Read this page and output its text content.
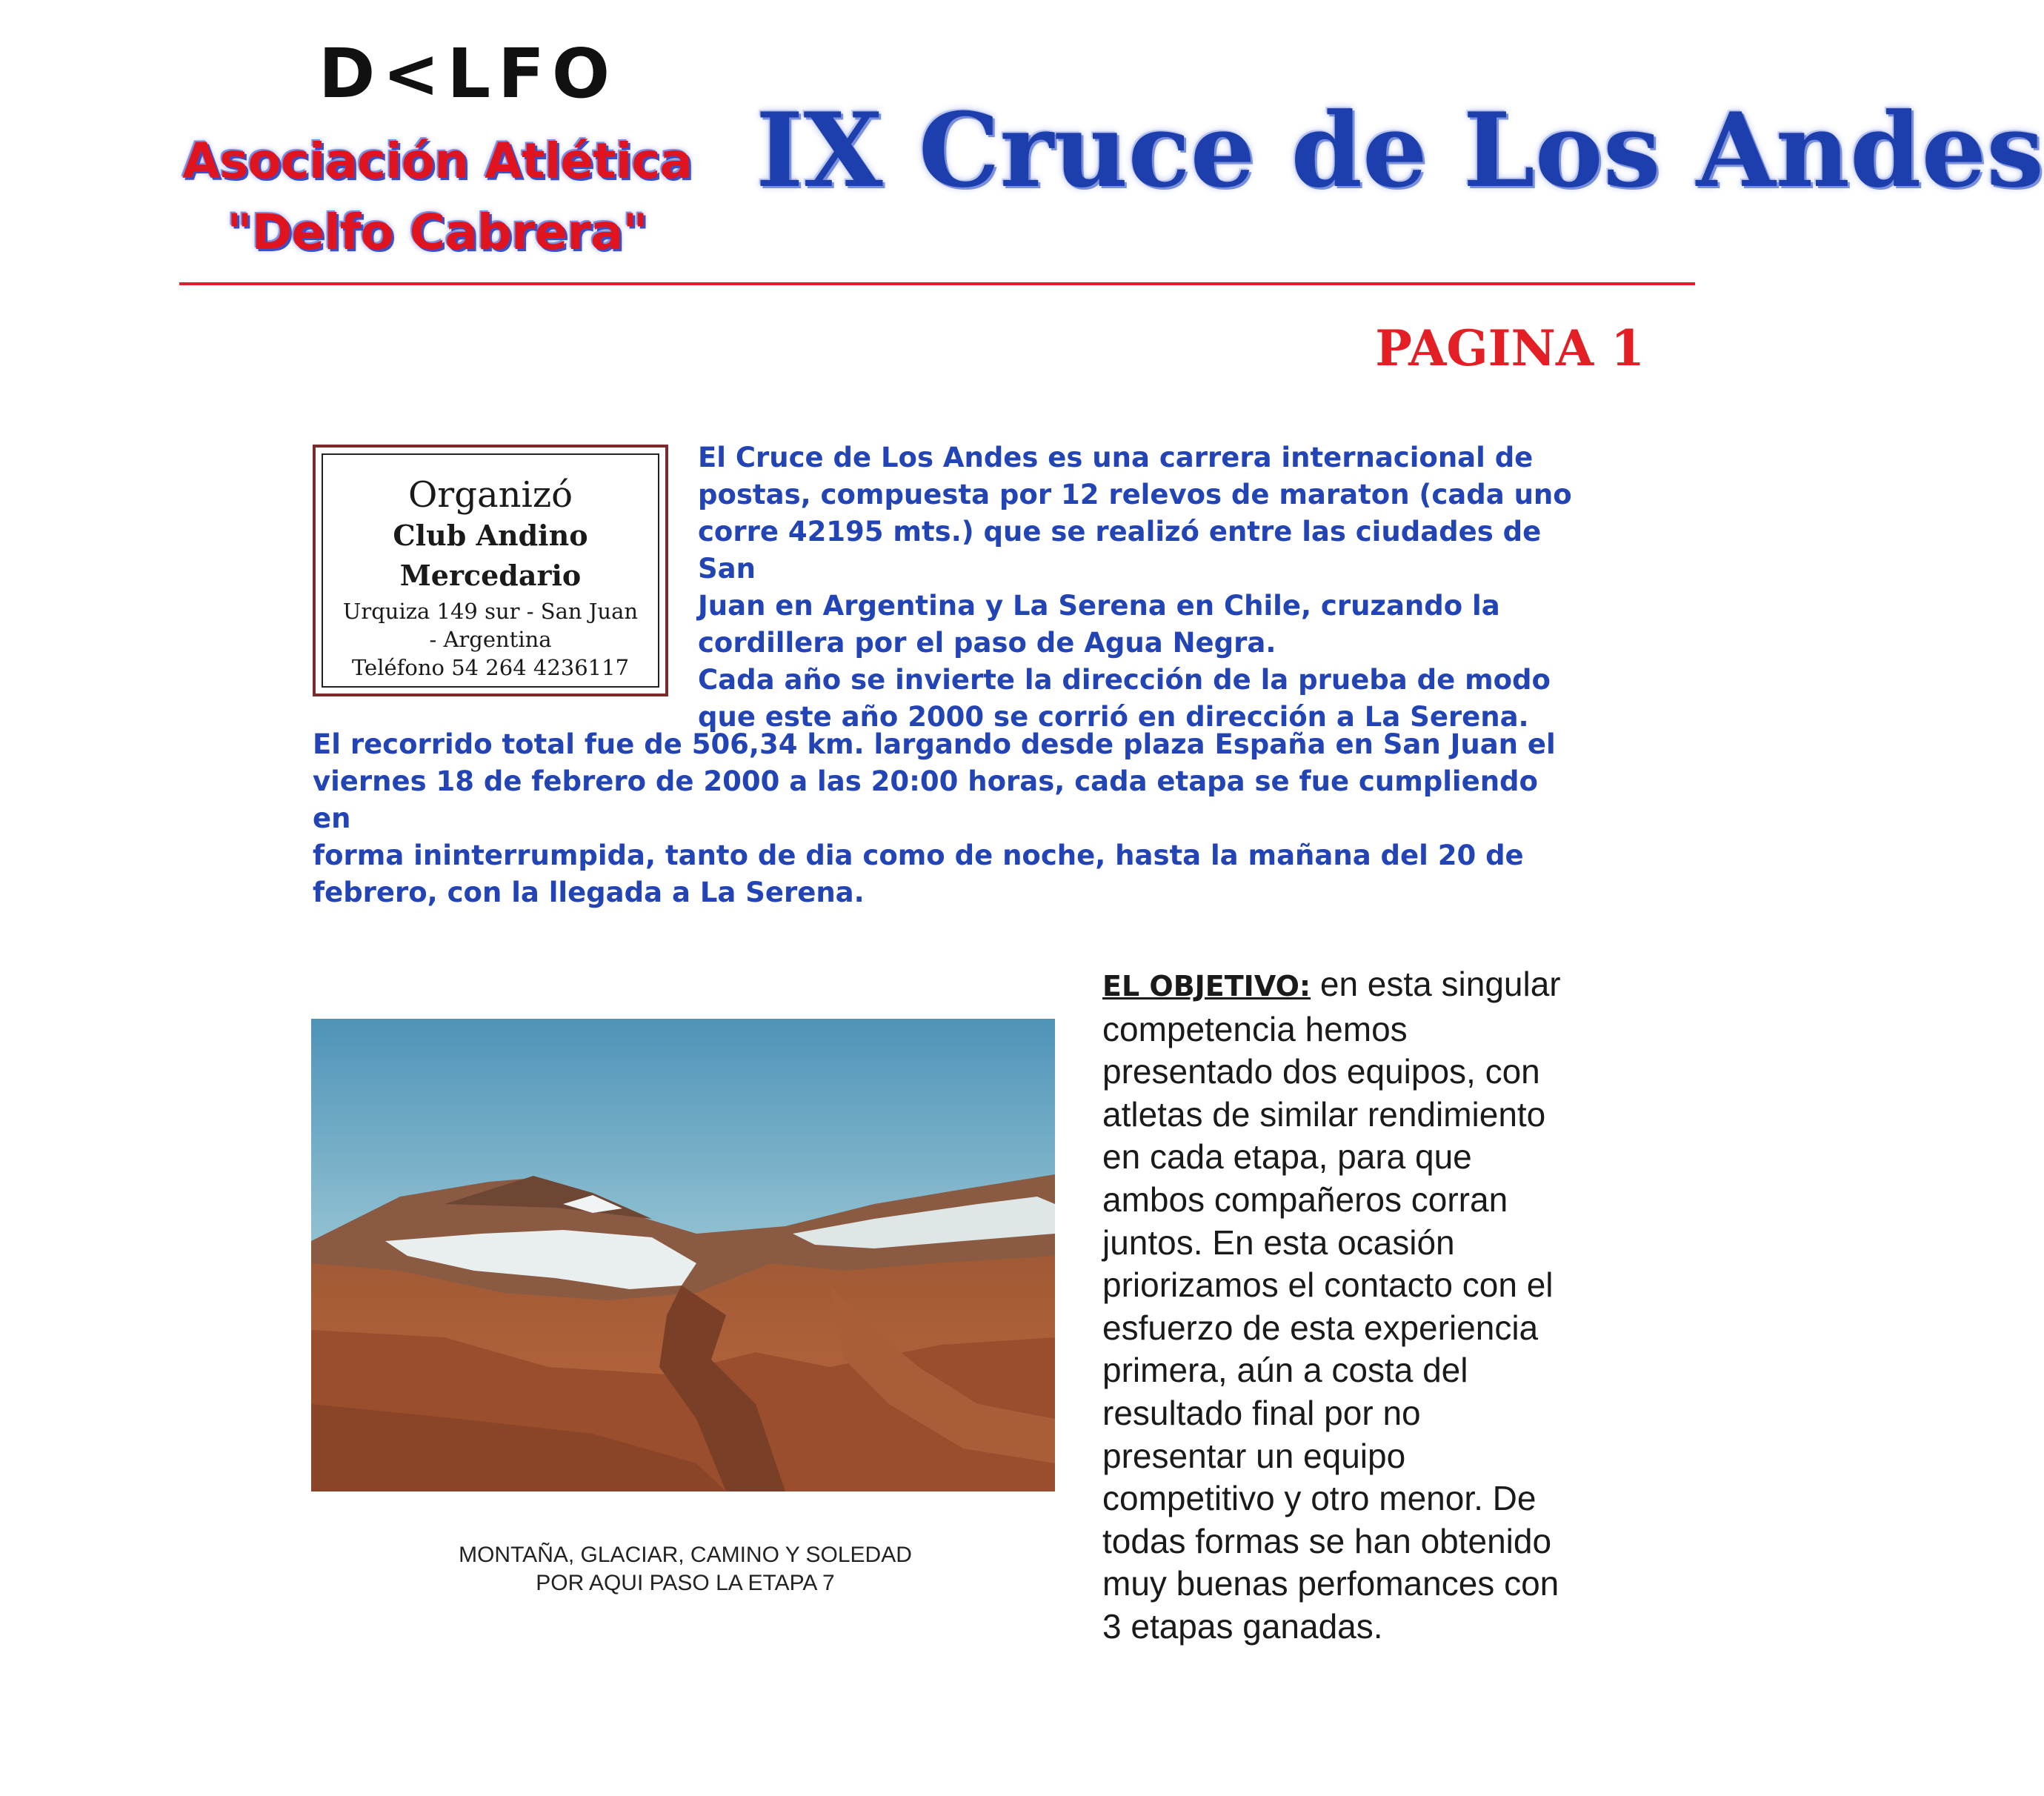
D<LFO
Asociación Atlética
"Delfo Cabrera"
IX Cruce de Los Andes
PAGINA 1
Organizó
Club Andino
Mercedario
Urquiza 149 sur - San Juan - Argentina
Teléfono 54 264 4236117
El Cruce de Los Andes es una carrera internacional de
postas, compuesta por 12 relevos de maraton (cada uno
corre 42195 mts.) que se realizó entre las ciudades de San
Juan en Argentina y La Serena en Chile, cruzando la
cordillera por el paso de Agua Negra.
Cada año se invierte la dirección de la prueba de modo
que este año 2000 se corrió en dirección a La Serena.
El recorrido total fue de 506,34 km. largando desde plaza España en San Juan el
viernes 18 de febrero de 2000 a las 20:00 horas, cada etapa se fue cumpliendo en
forma ininterrumpida, tanto de dia como de noche, hasta la mañana del 20 de
febrero, con la llegada a La Serena.
MONTAÑA, GLACIAR, CAMINO Y SOLEDAD
POR AQUI PASO LA ETAPA 7
EL OBJETIVO: en esta singular
competencia hemos
presentado dos equipos, con
atletas de similar rendimiento
en cada etapa, para que
ambos compañeros corran
juntos. En esta ocasión
priorizamos el contacto con el
esfuerzo de esta experiencia
primera, aún a costa del
resultado final por no
presentar un equipo
competitivo y otro menor. De
todas formas se han obtenido
muy buenas perfomances con
3 etapas ganadas.
